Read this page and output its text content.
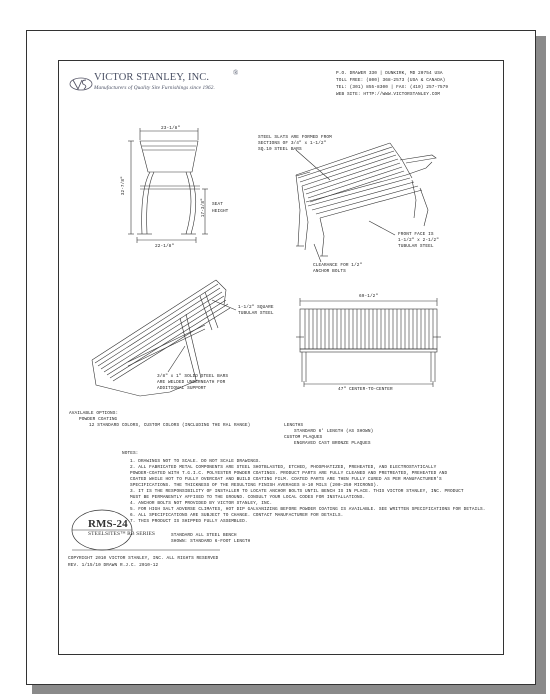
VICTOR STANLEY, INC.	®
Manufacturers of Quality Site Furnishings since 1962.
P.O. DRAWER 330 | DUNKIRK, MD 20754 USA
TOLL FREE: (800) 368-2573 (USA & CANADA)
TEL: (301) 855-8300 | FAX: (410) 257-7579
WEB SITE: HTTP://WWW.VICTORSTANLEY.COM
23-1/8"
32-7/8"
17-3/8" SEAT
HEIGHT
22-1/8"
STEEL SLATS ARE FORMED FROM
SECTIONS OF 3/4" x 1-1/2"
SQ.10 STEEL BARS
FRONT FACE IS
1-1/2" x 2-1/2"
TUBULAR STEEL
CLEARANCE FOR 1/2"
ANCHOR BOLTS
1-1/2" SQUARE
TUBULAR STEEL
3/8" x 1" SOLID STEEL BARS
ARE WELDED UNDERNEATH FOR
ADDITIONAL SUPPORT
69-1/2"
47" CENTER-TO-CENTER
AVAILABLE OPTIONS:
POWDER COATING
12 STANDARD COLORS, CUSTOM COLORS (INCLUDING THE RAL RANGE)	LENGTHS
STANDARD 6' LENGTH (AS SHOWN)
CUSTOM PLAQUES
ENGRAVED CAST BRONZE PLAQUES
NOTES:
1. DRAWINGS NOT TO SCALE. DO NOT SCALE DRAWINGS.
2. ALL FABRICATED METAL COMPONENTS ARE STEEL SHOTBLASTED, ETCHED, PHOSPHATIZED, PREHEATED, AND ELECTROSTATICALLY
POWDER-COATED WITH T.G.I.C. POLYESTER POWDER COATINGS. PRODUCT PARTS ARE FULLY CLEANED AND PRETREATED, PREHEATED AND
COATED WHILE HOT TO FULLY OVERCOAT AND BUILD COATING FILM. COATED PARTS ARE THEN FULLY CURED AS PER MANUFACTURER'S
SPECIFICATIONS. THE THICKNESS OF THE RESULTING FINISH AVERAGES 8-10 MILS (200-250 MICRONS).
3. IT IS THE RESPONSIBILITY OF INSTALLER TO LOCATE ANCHOR BOLTS UNTIL BENCH IS IN PLACE. THIS VICTOR STANLEY, INC. PRODUCT
MUST BE PERMANENTLY AFFIXED TO THE GROUND. CONSULT YOUR LOCAL CODES FOR INSTALLATIONS.
4. ANCHOR BOLTS NOT PROVIDED BY VICTOR STANLEY, INC.
5. FOR HIGH SALT ADVERSE CLIMATES, HOT DIP GALVANIZING BEFORE POWDER COATING IS AVAILABLE. SEE WRITTEN SPECIFICATIONS FOR DETAILS.
6. ALL SPECIFICATIONS ARE SUBJECT TO CHANGE. CONTACT MANUFACTURER FOR DETAILS.
7. THIS PRODUCT IS SHIPPED FULLY ASSEMBLED.
RMS-24
STEELSITES™ RB SERIES	STANDARD ALL STEEL BENCH
SHOWN: STANDARD 6-FOOT LENGTH
COPYRIGHT 2010 VICTOR STANLEY, INC. ALL RIGHTS RESERVED
REV. 1/15/10 DRAWN R.J.C. 2010-12
